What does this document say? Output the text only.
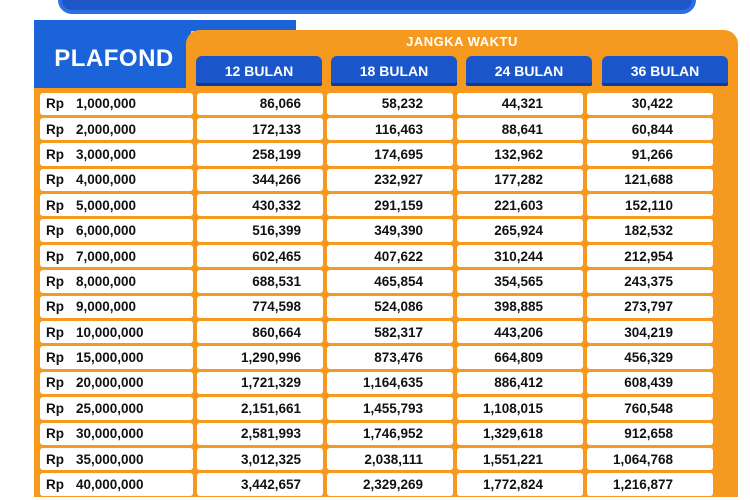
PLAFOND
JANGKA WAKTU
12 BULAN	18 BULAN	24 BULAN	36 BULAN
Rp 1,000,000	86,066	58,232	44,321	30,422
Rp 2,000,000	172,133	116,463	88,641	60,844
Rp 3,000,000	258,199	174,695	132,962	91,266
Rp 4,000,000	344,266	232,927	177,282	121,688
Rp 5,000,000	430,332	291,159	221,603	152,110
Rp 6,000,000	516,399	349,390	265,924	182,532
Rp 7,000,000	602,465	407,622	310,244	212,954
Rp 8,000,000	688,531	465,854	354,565	243,375
Rp 9,000,000	774,598	524,086	398,885	273,797
Rp 10,000,000	860,664	582,317	443,206	304,219
Rp 15,000,000	1,290,996	873,476	664,809	456,329
Rp 20,000,000	1,721,329	1,164,635	886,412	608,439
Rp 25,000,000	2,151,661	1,455,793	1,108,015	760,548
Rp 30,000,000	2,581,993	1,746,952	1,329,618	912,658
Rp 35,000,000	3,012,325	2,038,111	1,551,221	1,064,768
Rp 40,000,000	3,442,657	2,329,269	1,772,824	1,216,877
